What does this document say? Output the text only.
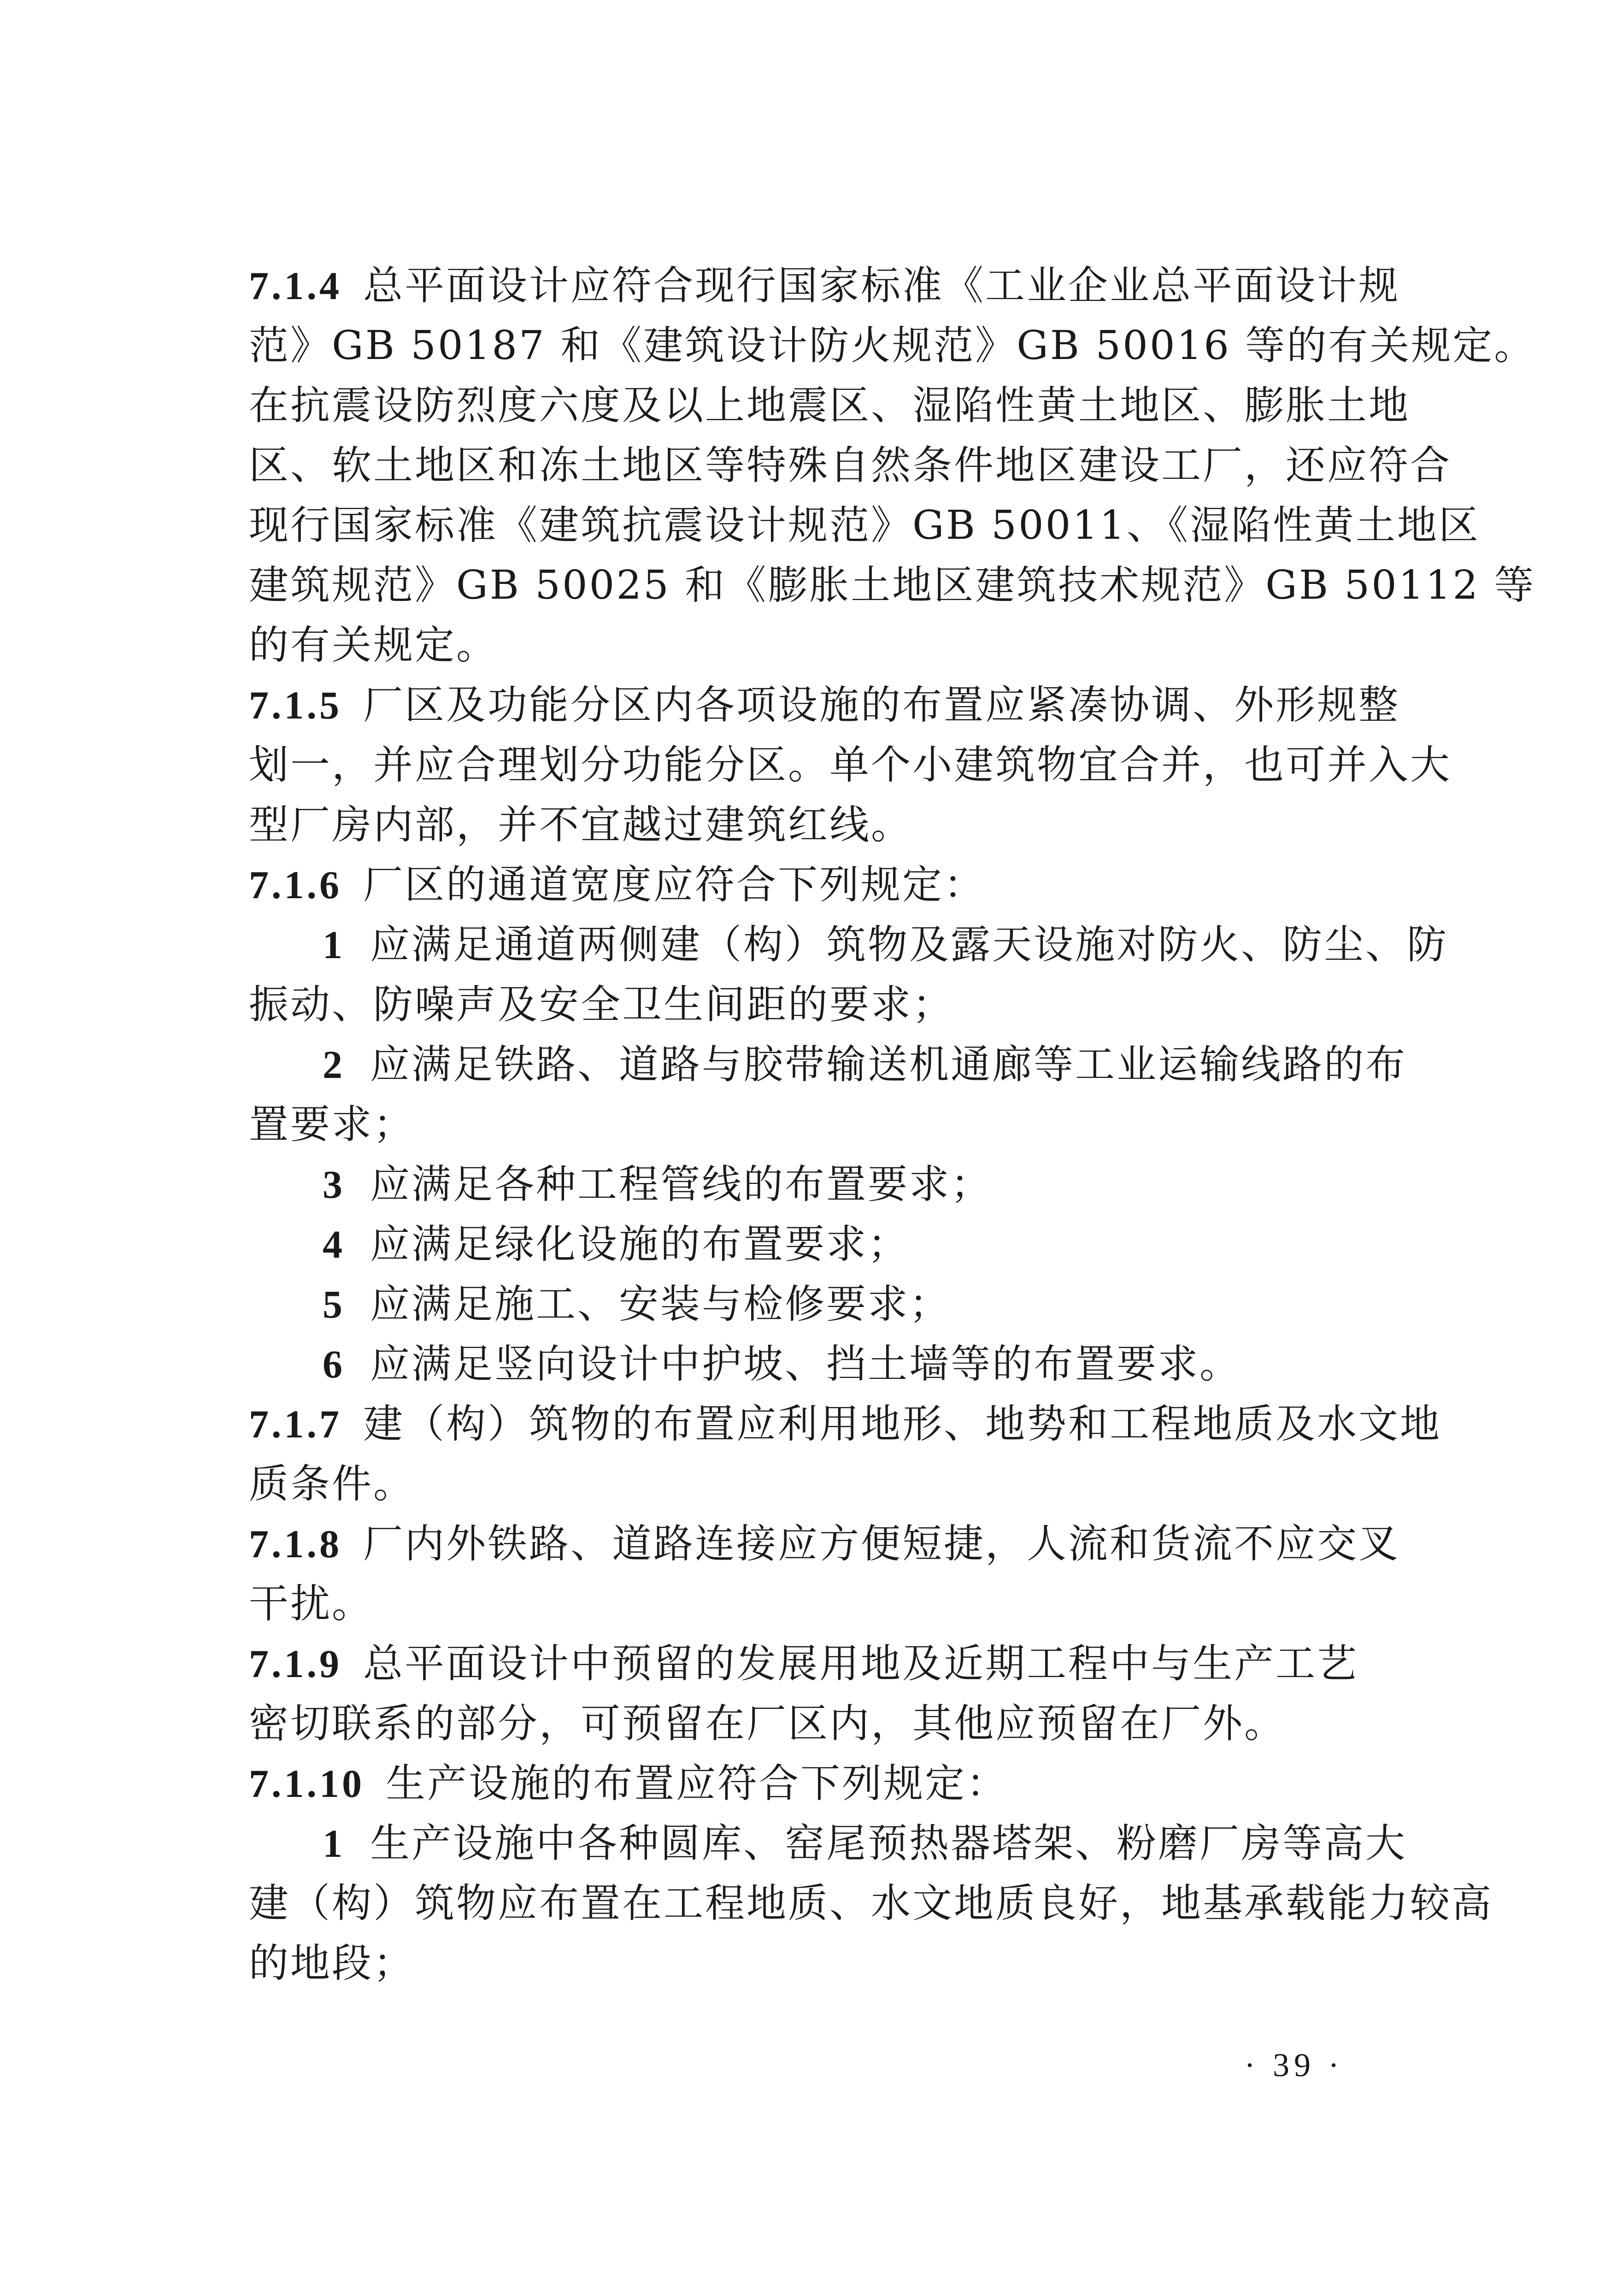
7.1.4 总平面设计应符合现行国家标准《工业企业总平面设计规
范》GB 50187 和《建筑设计防火规范》GB 50016 等的有关规定。
在抗震设防烈度六度及以上地震区、湿陷性黄土地区、膨胀土地
区、软土地区和冻土地区等特殊自然条件地区建设工厂，还应符合
现行国家标准《建筑抗震设计规范》GB 50011、《湿陷性黄土地区
建筑规范》GB 50025 和《膨胀土地区建筑技术规范》GB 50112 等
的有关规定。
7.1.5 厂区及功能分区内各项设施的布置应紧凑协调、外形规整
划一，并应合理划分功能分区。单个小建筑物宜合并，也可并入大
型厂房内部，并不宜越过建筑红线。
7.1.6 厂区的通道宽度应符合下列规定：
1 应满足通道两侧建（构）筑物及露天设施对防火、防尘、防
振动、防噪声及安全卫生间距的要求；
2 应满足铁路、道路与胶带输送机通廊等工业运输线路的布
置要求；
3 应满足各种工程管线的布置要求；
4 应满足绿化设施的布置要求；
5 应满足施工、安装与检修要求；
6 应满足竖向设计中护坡、挡土墙等的布置要求。
7.1.7 建（构）筑物的布置应利用地形、地势和工程地质及水文地
质条件。
7.1.8 厂内外铁路、道路连接应方便短捷，人流和货流不应交叉
干扰。
7.1.9 总平面设计中预留的发展用地及近期工程中与生产工艺
密切联系的部分，可预留在厂区内，其他应预留在厂外。
7.1.10 生产设施的布置应符合下列规定：
1 生产设施中各种圆库、窑尾预热器塔架、粉磨厂房等高大
建（构）筑物应布置在工程地质、水文地质良好，地基承载能力较高
的地段；
· 39 ·
